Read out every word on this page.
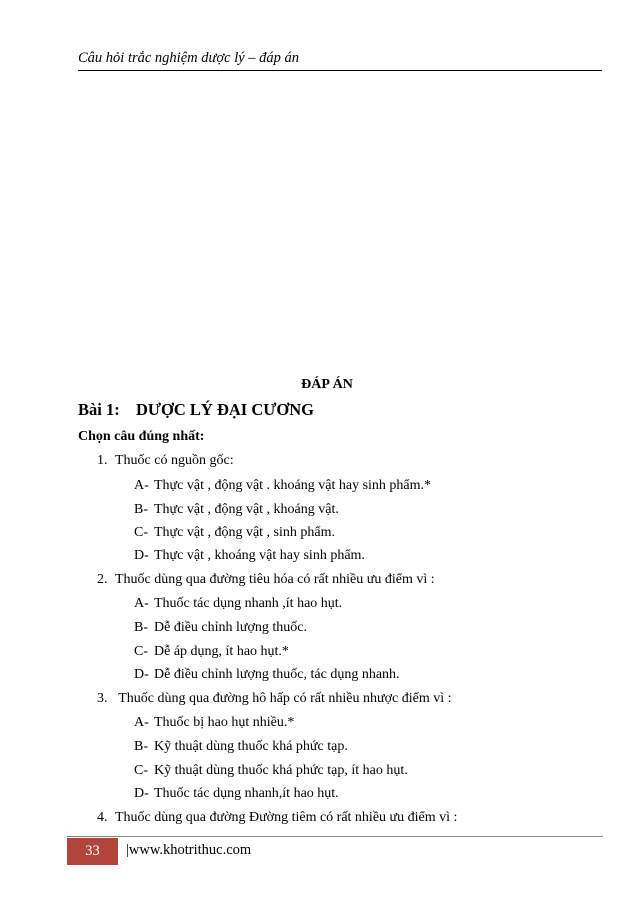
Câu hỏi trắc nghiệm dược lý – đáp án
ĐÁP ÁN
Bài 1: DƯỢC LÝ ĐẠI CƯƠNG
Chọn câu đúng nhất:
1. Thuốc có nguồn gốc:
A- Thực vật , động vật . khoáng vật hay sinh phẩm.*
B- Thực vật , động vật , khoáng vật.
C- Thực vật , động vật , sinh phẩm.
D- Thực vật , khoáng vật hay sinh phẩm.
2. Thuốc dùng qua đường tiêu hóa có rất nhiều ưu điểm vì :
A- Thuốc tác dụng nhanh ,ít hao hụt.
B- Dễ điều chỉnh lượng thuốc.
C- Dễ áp dụng, ít hao hụt.*
D- Dễ điều chỉnh lượng thuốc, tác dụng nhanh.
3. Thuốc dùng qua đường hô hấp có rất nhiều nhược điểm vì :
A- Thuốc bị hao hụt nhiều.*
B- Kỹ thuật dùng thuốc khá phức tạp.
C- Kỹ thuật dùng thuốc khá phức tạp, ít hao hụt.
D- Thuốc tác dụng nhanh,ít hao hụt.
4. Thuốc dùng qua đường Đường tiêm có rất nhiều ưu điểm vì :
33	|www.khotrithuc.com
